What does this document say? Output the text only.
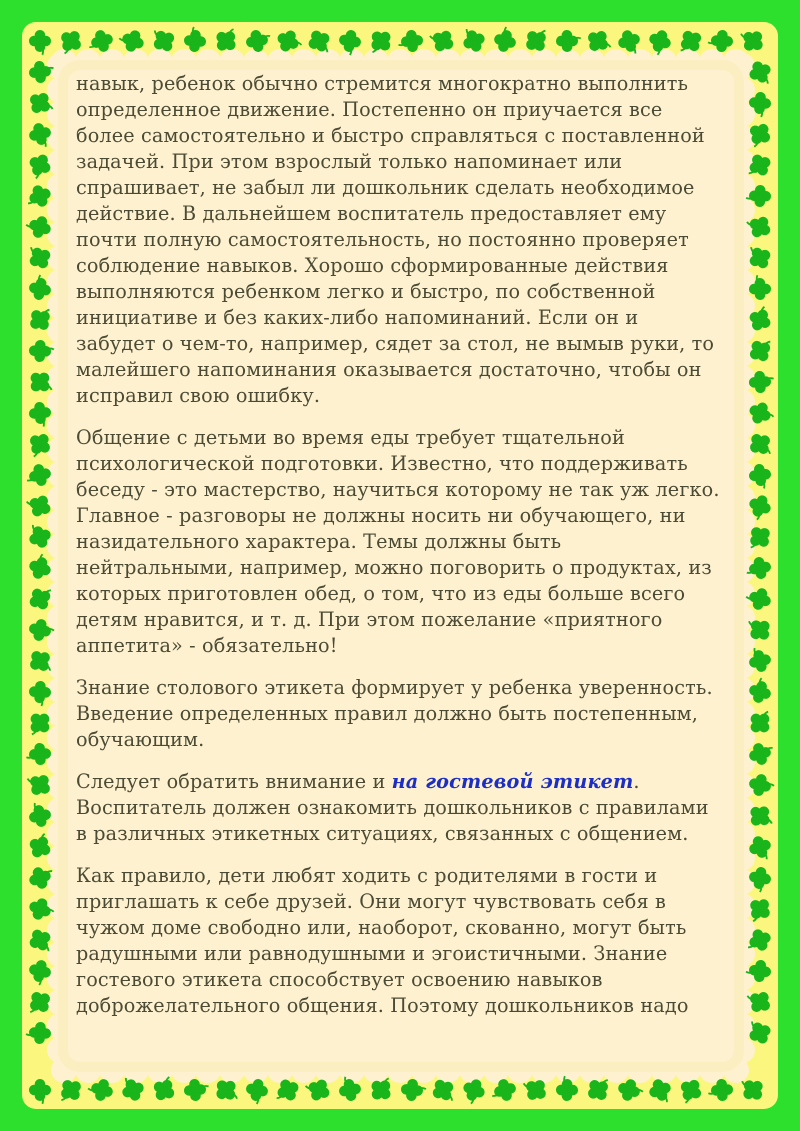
навык, ребенок обычно стремится многократно выполнить определенное движение. Постепенно он приучается все более самостоятельно и быстро справляться с поставленной задачей. При этом взрослый только напоминает или спрашивает, не забыл ли дошкольник сделать необходимое действие. В дальнейшем воспитатель предоставляет ему почти полную самостоятельность, но постоянно проверяет соблюдение навыков. Хорошо сформированные действия выполняются ребенком легко и быстро, по собственной инициативе и без каких-либо напоминаний. Если он и забудет о чем-то, например, сядет за стол, не вымыв руки, то малейшего напоминания оказывается достаточно, чтобы он исправил свою ошибку.

Общение с детьми во время еды требует тщательной психологической подготовки. Известно, что поддерживать беседу - это мастерство, научиться которому не так уж легко. Главное - разговоры не должны носить ни обучающего, ни назидательного характера. Темы должны быть нейтральными, например, можно поговорить о продуктах, из которых приготовлен обед, о том, что из еды больше всего детям нравится, и т. д. При этом пожелание «приятного аппетита» - обязательно!

Знание столового этикета формирует у ребенка уверенность. Введение определенных правил должно быть постепенным, обучающим.

Следует обратить внимание и на гостевой этикет. Воспитатель должен ознакомить дошкольников с правилами в различных этикетных ситуациях, связанных с общением.

Как правило, дети любят ходить с родителями в гости и приглашать к себе друзей. Они могут чувствовать себя в чужом доме свободно или, наоборот, скованно, могут быть радушными или равнодушными и эгоистичными. Знание гостевого этикета способствует освоению навыков доброжелательного общения. Поэтому дошкольников надо
